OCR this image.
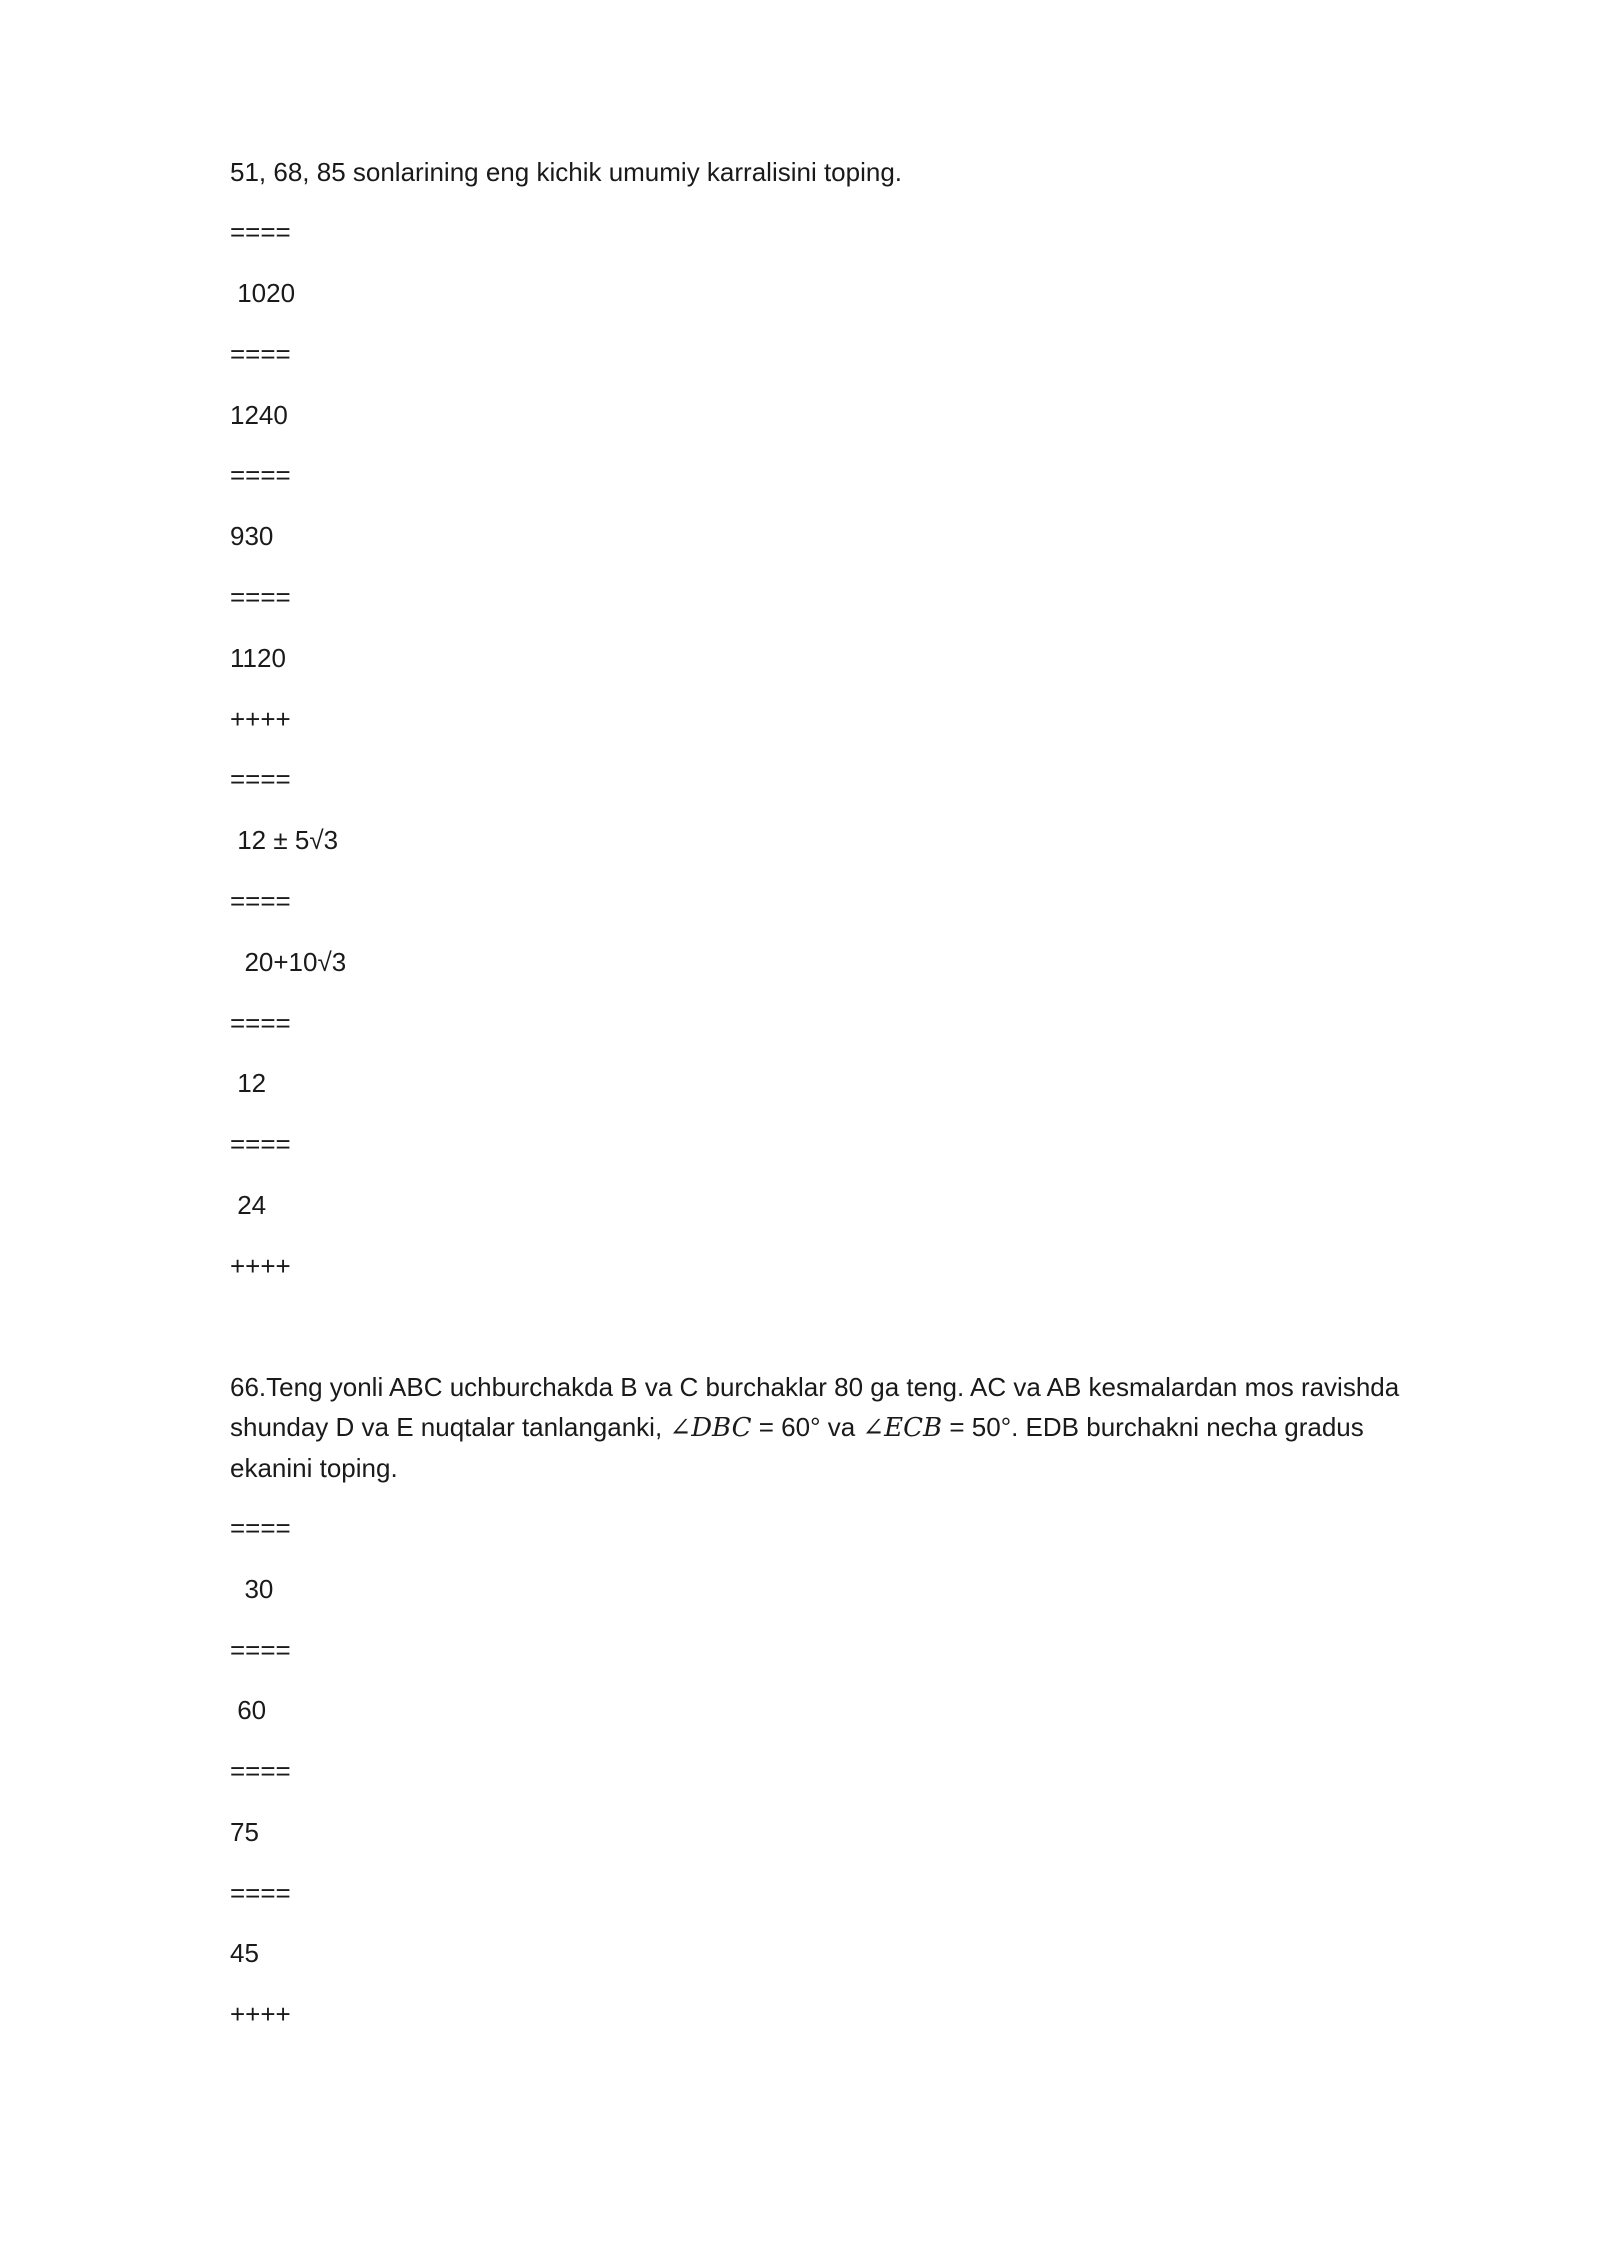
51, 68, 85 sonlarining eng kichik umumiy karralisini toping.
====
1020
====
1240
====
930
====
1120
++++
====
12 ± 5√3
====
20+10√3
====
12
====
24
++++
66.Teng yonli ABC uchburchakda B va C burchaklar 80 ga teng. AC va AB kesmalardan mos ravishda shunday D va E nuqtalar tanlanganki, ∠DBC = 60° va ∠ECB = 50°. EDB burchakni necha gradus ekanini toping.
====
30
====
60
====
75
====
45
++++
